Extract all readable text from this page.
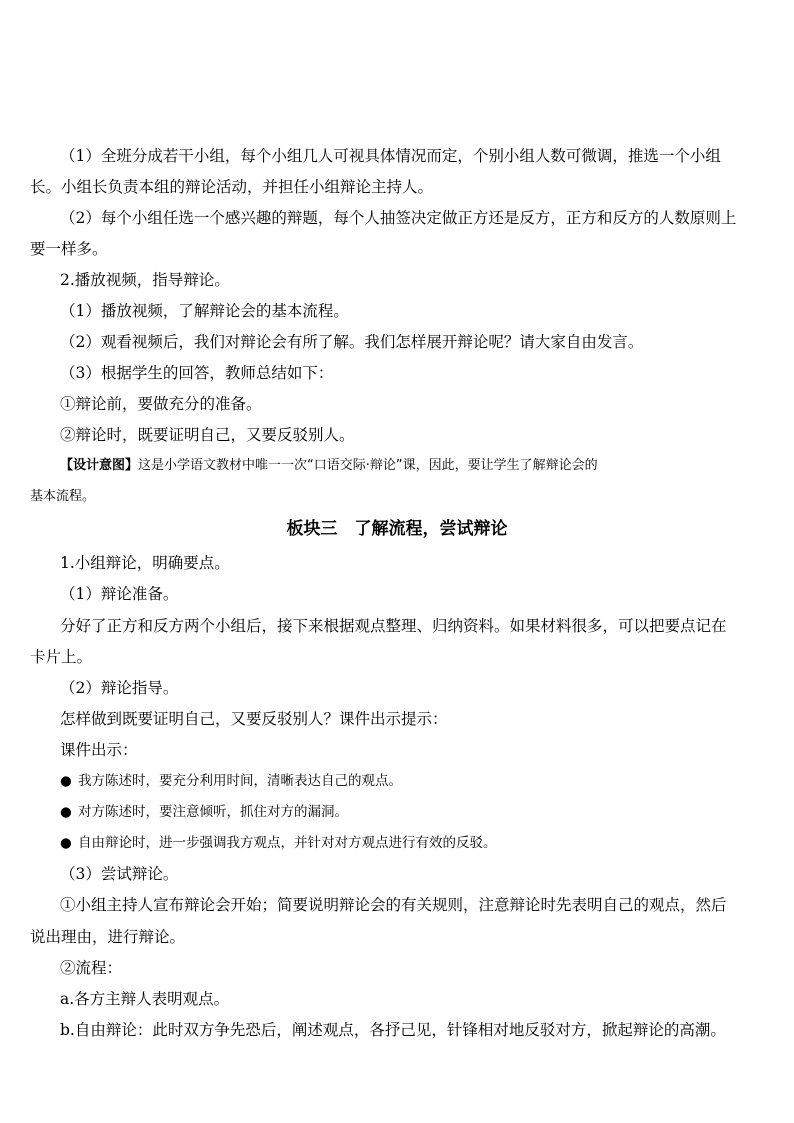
（1）全班分成若干小组，每个小组几人可视具体情况而定，个别小组人数可微调，推选一个小组
长。小组长负责本组的辩论活动，并担任小组辩论主持人。
（2）每个小组任选一个感兴趣的辩题，每个人抽签决定做正方还是反方，正方和反方的人数原则上
要一样多。
2.播放视频，指导辩论。
（1）播放视频，了解辩论会的基本流程。
（2）观看视频后，我们对辩论会有所了解。我们怎样展开辩论呢？请大家自由发言。
（3）根据学生的回答，教师总结如下：
①辩论前，要做充分的准备。
②辩论时，既要证明自己，又要反驳别人。
【设计意图】这是小学语文教材中唯一一次“口语交际·辩论”课，因此，要让学生了解辩论会的
基本流程。
板块三　了解流程，尝试辩论
1.小组辩论，明确要点。
（1）辩论准备。
分好了正方和反方两个小组后，接下来根据观点整理、归纳资料。如果材料很多，可以把要点记在
卡片上。
（2）辩论指导。
怎样做到既要证明自己，又要反驳别人？课件出示提示：
课件出示：
● 我方陈述时，要充分利用时间，清晰表达自己的观点。
● 对方陈述时，要注意倾听，抓住对方的漏洞。
● 自由辩论时，进一步强调我方观点，并针对对方观点进行有效的反驳。
（3）尝试辩论。
①小组主持人宣布辩论会开始；简要说明辩论会的有关规则，注意辩论时先表明自己的观点，然后
说出理由，进行辩论。
②流程：
a.各方主辩人表明观点。
b.自由辩论：此时双方争先恐后，阐述观点，各抒己见，针锋相对地反驳对方，掀起辩论的高潮。
